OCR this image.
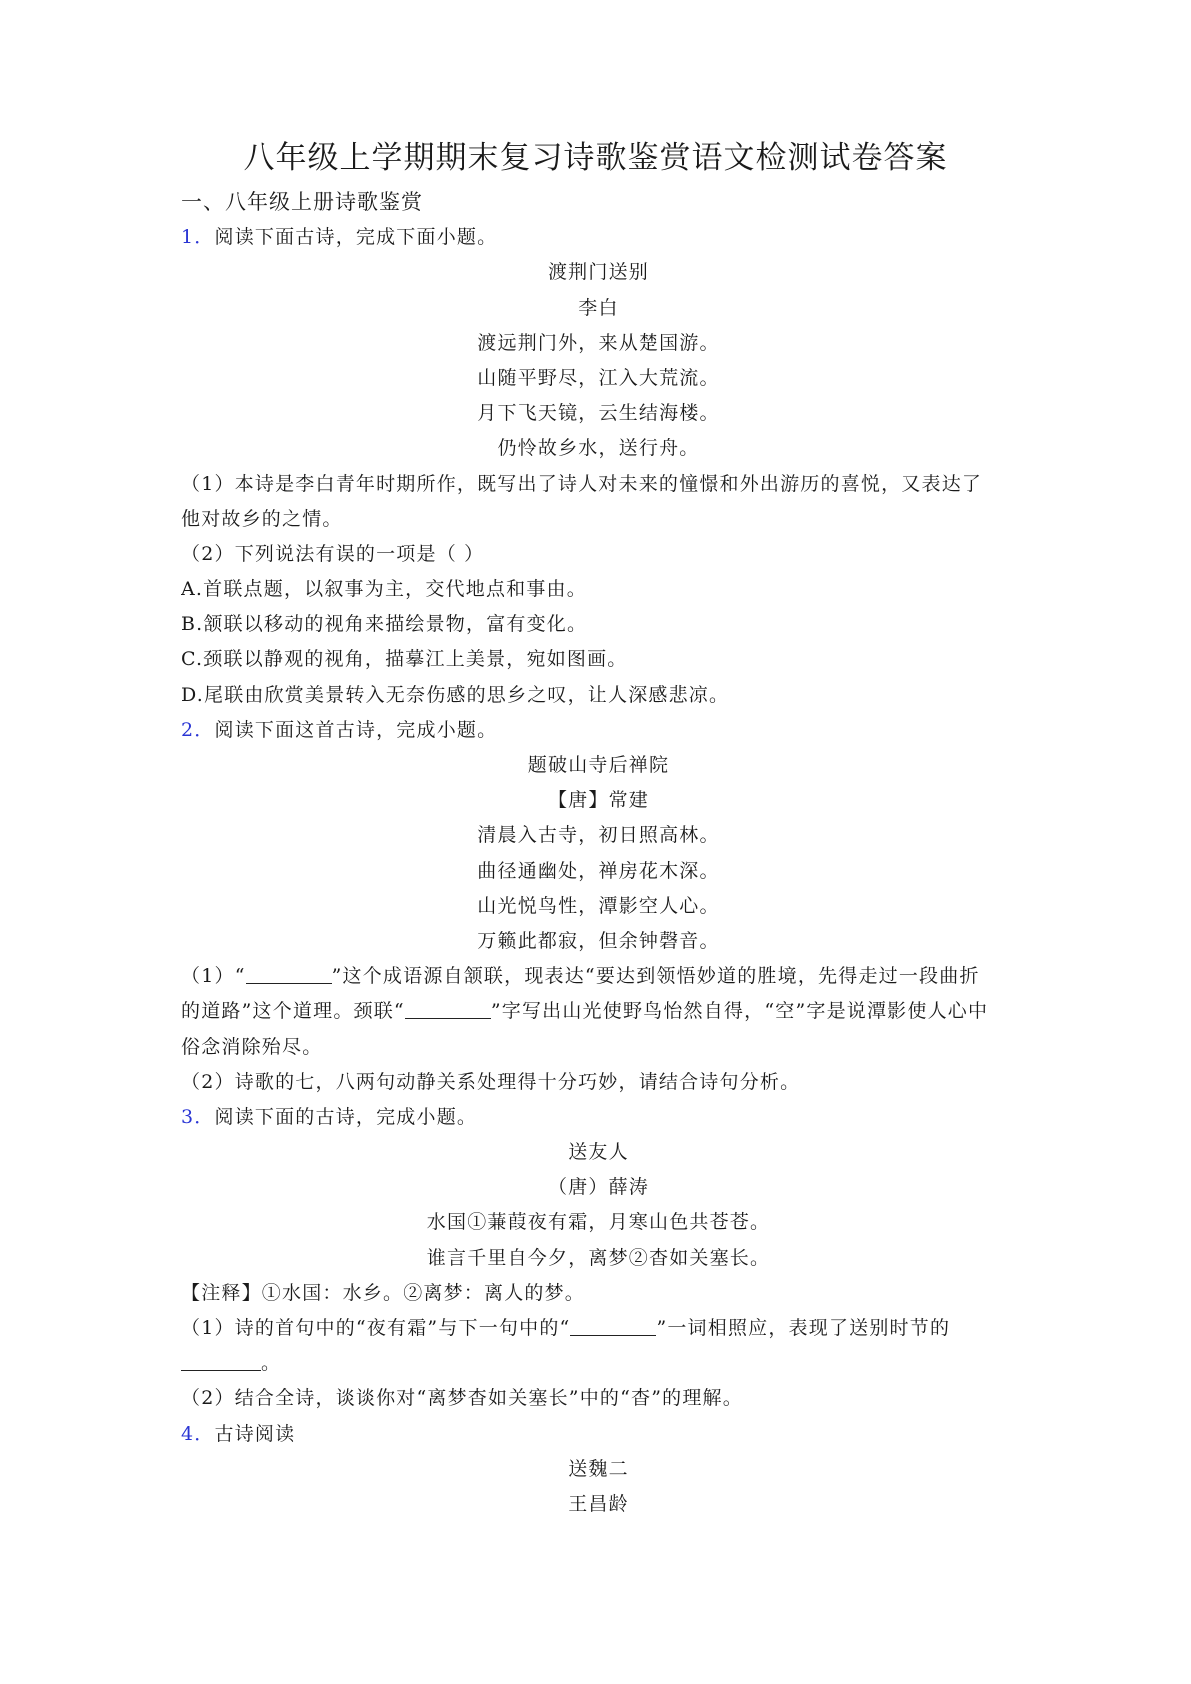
八年级上学期期末复习诗歌鉴赏语文检测试卷答案
一、八年级上册诗歌鉴赏
1．阅读下面古诗，完成下面小题。
渡荆门送别
李白
渡远荆门外，来从楚国游。
山随平野尽，江入大荒流。
月下飞天镜，云生结海楼。
仍怜故乡水，送行舟。
（1）本诗是李白青年时期所作，既写出了诗人对未来的憧憬和外出游历的喜悦，又表达了
他对故乡的之情。
（2）下列说法有误的一项是（ ）
A.首联点题，以叙事为主，交代地点和事由。
B.颔联以移动的视角来描绘景物，富有变化。
C.颈联以静观的视角，描摹江上美景，宛如图画。
D.尾联由欣赏美景转入无奈伤感的思乡之叹，让人深感悲凉。
2．阅读下面这首古诗，完成小题。
题破山寺后禅院
【唐】常建
清晨入古寺，初日照高林。
曲径通幽处，禅房花木深。
山光悦鸟性，潭影空人心。
万籁此都寂，但余钟磬音。
（1）“	”这个成语源自颔联，现表达“要达到领悟妙道的胜境，先得走过一段曲折
的道路”这个道理。颈联“	”字写出山光使野鸟怡然自得，“空”字是说潭影使人心中
俗念消除殆尽。
（2）诗歌的七，八两句动静关系处理得十分巧妙，请结合诗句分析。
3．阅读下面的古诗，完成小题。
送友人
（唐）薛涛
水国①蒹葭夜有霜，月寒山色共苍苍。
谁言千里自今夕，离梦②杳如关塞长。
【注释】①水国：水乡。②离梦：离人的梦。
（1）诗的首句中的“夜有霜”与下一句中的“	”一词相照应，表现了送别时节的
。
（2）结合全诗，谈谈你对“离梦杳如关塞长”中的“杳”的理解。
4．古诗阅读
送魏二
王昌龄
